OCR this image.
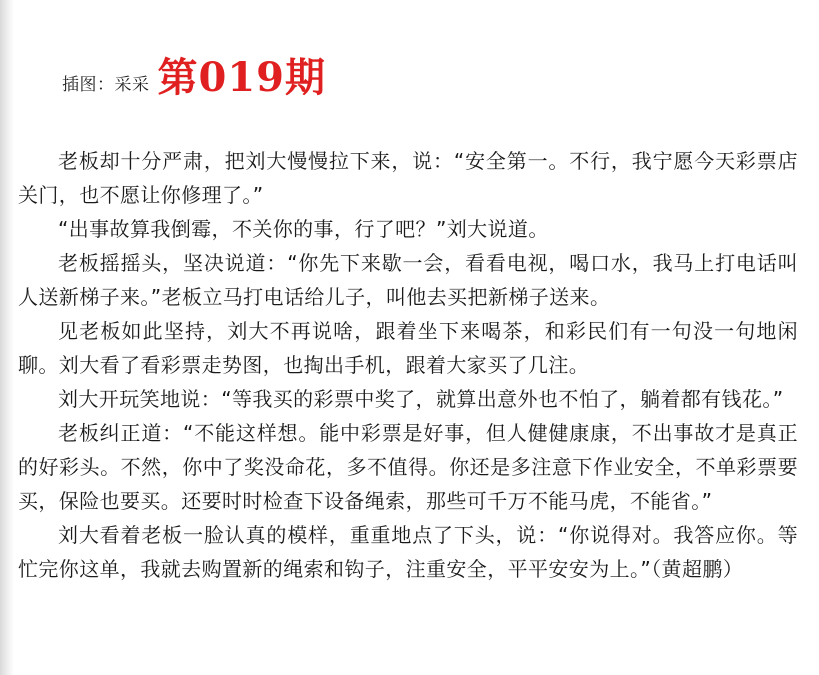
插图：采采 第019期

老板却十分严肃，把刘大慢慢拉下来，说：“安全第一。不行，我宁愿今天彩票店关门，也不愿让你修理了。”

“出事故算我倒霉，不关你的事，行了吧？”刘大说道。

老板摇摇头，坚决说道：“你先下来歇一会，看看电视，喝口水，我马上打电话叫人送新梯子来。”老板立马打电话给儿子，叫他去买把新梯子送来。

见老板如此坚持，刘大不再说啥，跟着坐下来喝茶，和彩民们有一句没一句地闲聊。刘大看了看彩票走势图，也掏出手机，跟着大家买了几注。

刘大开玩笑地说：“等我买的彩票中奖了，就算出意外也不怕了，躺着都有钱花。”

老板纠正道：“不能这样想。能中彩票是好事，但人健健康康，不出事故才是真正的好彩头。不然，你中了奖没命花，多不值得。你还是多注意下作业安全，不单彩票要买，保险也要买。还要时时检查下设备绳索，那些可千万不能马虎，不能省。”

刘大看着老板一脸认真的模样，重重地点了下头，说：“你说得对。我答应你。等忙完你这单，我就去购置新的绳索和钩子，注重安全，平平安安为上。”（黄超鹏）
